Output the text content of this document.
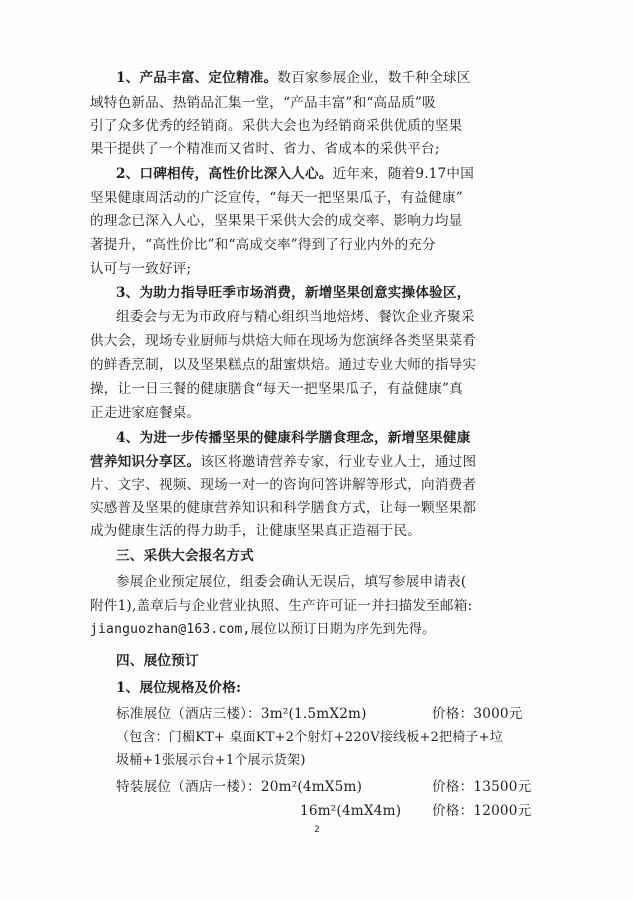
1、产品丰富、定位精准。数百家参展企业，数千种全球区
域特色新品、热销品汇集一堂，“产品丰富”和“高品质”吸
引了众多优秀的经销商。采供大会也为经销商采供优质的坚果
果干提供了一个精准而又省时、省力、省成本的采供平台;
2、口碑相传，高性价比深入人心。近年来，随着9.17中国
坚果健康周活动的广泛宣传，“每天一把坚果瓜子，有益健康”
的理念已深入人心，坚果果干采供大会的成交率、影响力均显
著提升，“高性价比”和“高成交率”得到了行业内外的充分
认可与一致好评;
3、为助力指导旺季市场消费，新增坚果创意实操体验区，
组委会与无为市政府与精心组织当地焙烤、餐饮企业齐聚采
供大会，现场专业厨师与烘焙大师在现场为您演绎各类坚果菜肴
的鲜香烹制，以及坚果糕点的甜蜜烘焙。通过专业大师的指导实
操，让一日三餐的健康膳食“每天一把坚果瓜子，有益健康”真
正走进家庭餐桌。
4、为进一步传播坚果的健康科学膳食理念，新增坚果健康
营养知识分享区。该区将邀请营养专家，行业专业人士，通过图
片、文字、视频、现场一对一的咨询问答讲解等形式，向消费者
实感普及坚果的健康营养知识和科学膳食方式，让每一颗坚果都
成为健康生活的得力助手，让健康坚果真正造福于民。
三、采供大会报名方式
参展企业预定展位，组委会确认无误后，填写参展申请表(
附件1),盖章后与企业营业执照、生产许可证一并扫描发至邮箱:
jianguozhan@163.com,展位以预订日期为序先到先得。
四、展位预订
1、展位规格及价格:
标准展位（酒店三楼）：3m²(1.5mX2m)	价格：3000元
（包含：门楣KT+ 桌面KT+2个射灯+220V接线板+2把椅子+垃
圾桶+1张展示台+1个展示货架)
特装展位（酒店一楼）：20m²(4mX5m)	价格：13500元
16m²(4mX4m) 价格：12000元
2
